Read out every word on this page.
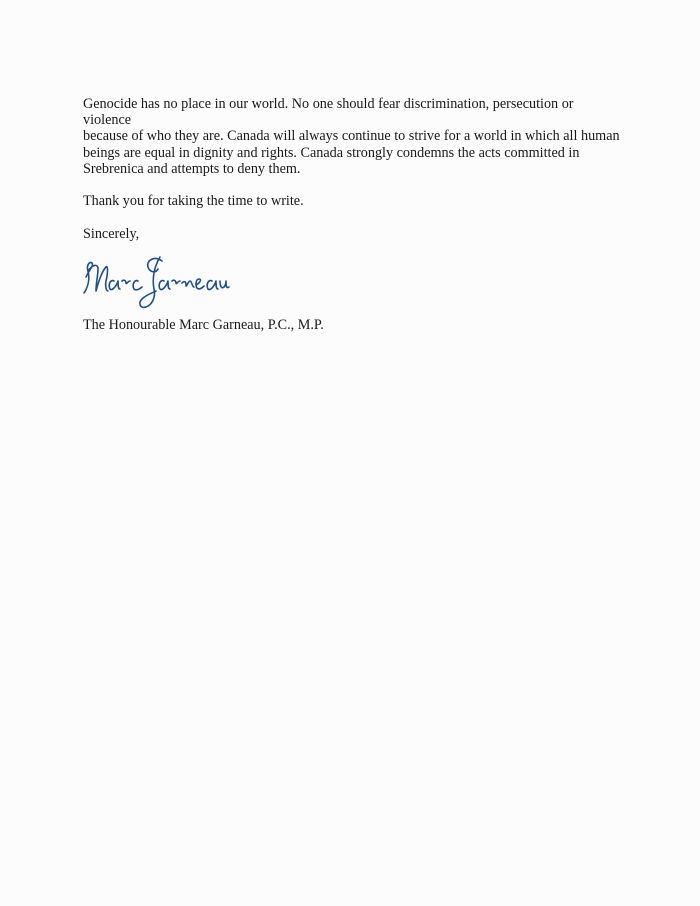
Genocide has no place in our world. No one should fear discrimination, persecution or violence
because of who they are. Canada will always continue to strive for a world in which all human
beings are equal in dignity and rights. Canada strongly condemns the acts committed in
Srebrenica and attempts to deny them.

Thank you for taking the time to write.

Sincerely,

The Honourable Marc Garneau, P.C., M.P.
